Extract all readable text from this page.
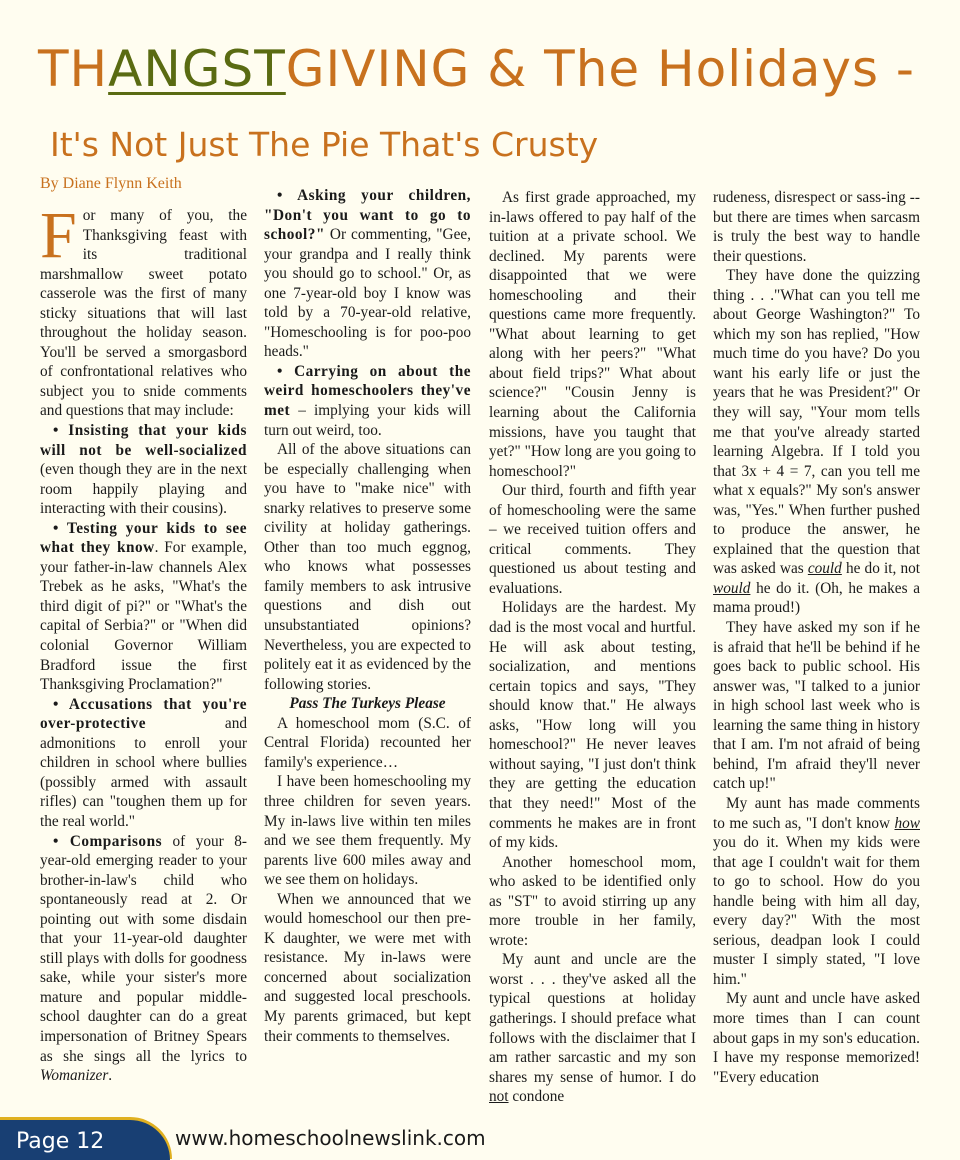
THANGSTGIVING & The Holidays -
It's Not Just The Pie That's Crusty
By Diane Flynn Keith

For many of you, the Thanksgiving feast with its traditional marshmallow sweet potato casserole was the first of many sticky situations that will last throughout the holiday season. You'll be served a smorgasbord of confrontational relatives who subject you to snide comments and questions that may include:

• Insisting that your kids will not be well-socialized (even though they are in the next room happily playing and interacting with their cousins).

• Testing your kids to see what they know. For example, your father-in-law channels Alex Trebek as he asks, "What's the third digit of pi?" or "What's the capital of Serbia?" or "When did colonial Governor William Bradford issue the first Thanksgiving Proclamation?"

• Accusations that you're over-protective and admonitions to enroll your children in school where bullies (possibly armed with assault rifles) can "toughen them up for the real world."

• Comparisons of your 8-year-old emerging reader to your brother-in-law's child who spontaneously read at 2. Or pointing out with some disdain that your 11-year-old daughter still plays with dolls for goodness sake, while your sister's more mature and popular middle-school daughter can do a great impersonation of Britney Spears as she sings all the lyrics to Womanizer.

• Asking your children, "Don't you want to go to school?" Or commenting, "Gee, your grandpa and I really think you should go to school." Or, as one 7-year-old boy I know was told by a 70-year-old relative, "Homeschooling is for poo-poo heads."

• Carrying on about the weird homeschoolers they've met – implying your kids will turn out weird, too.

All of the above situations can be especially challenging when you have to "make nice" with snarky relatives to preserve some civility at holiday gatherings. Other than too much eggnog, who knows what possesses family members to ask intrusive questions and dish out unsubstantiated opinions? Nevertheless, you are expected to politely eat it as evidenced by the following stories.

Pass The Turkeys Please

A homeschool mom (S.C. of Central Florida) recounted her family's experience…

I have been homeschooling my three children for seven years. My in-laws live within ten miles and we see them frequently. My parents live 600 miles away and we see them on holidays.

When we announced that we would homeschool our then pre-K daughter, we were met with resistance. My in-laws were concerned about socialization and suggested local preschools. My parents grimaced, but kept their comments to themselves.

As first grade approached, my in-laws offered to pay half of the tuition at a private school. We declined. My parents were disappointed that we were homeschooling and their questions came more frequently. "What about learning to get along with her peers?" "What about field trips?" What about science?" "Cousin Jenny is learning about the California missions, have you taught that yet?" "How long are you going to homeschool?"

Our third, fourth and fifth year of homeschooling were the same – we received tuition offers and critical comments. They questioned us about testing and evaluations.

Holidays are the hardest. My dad is the most vocal and hurtful. He will ask about testing, socialization, and mentions certain topics and says, "They should know that." He always asks, "How long will you homeschool?" He never leaves without saying, "I just don't think they are getting the education that they need!" Most of the comments he makes are in front of my kids.

Another homeschool mom, who asked to be identified only as "ST" to avoid stirring up any more trouble in her family, wrote:

My aunt and uncle are the worst . . . they've asked all the typical questions at holiday gatherings. I should preface what follows with the disclaimer that I am rather sarcastic and my son shares my sense of humor. I do not condone

rudeness, disrespect or sass-ing -- but there are times when sarcasm is truly the best way to handle their questions.

They have done the quizzing thing . . ."What can you tell me about George Washington?" To which my son has replied, "How much time do you have? Do you want his early life or just the years that he was President?" Or they will say, "Your mom tells me that you've already started learning Algebra. If I told you that 3x + 4 = 7, can you tell me what x equals?" My son's answer was, "Yes." When further pushed to produce the answer, he explained that the question that was asked was could he do it, not would he do it. (Oh, he makes a mama proud!)

They have asked my son if he is afraid that he'll be behind if he goes back to public school. His answer was, "I talked to a junior in high school last week who is learning the same thing in history that I am. I'm not afraid of being behind, I'm afraid they'll never catch up!"

My aunt has made comments to me such as, "I don't know how you do it. When my kids were that age I couldn't wait for them to go to school. How do you handle being with him all day, every day?" With the most serious, deadpan look I could muster I simply stated, "I love him."

My aunt and uncle have asked more times than I can count about gaps in my son's education. I have my response memorized! "Every education

Page 12	www.homeschoolnewslink.com
